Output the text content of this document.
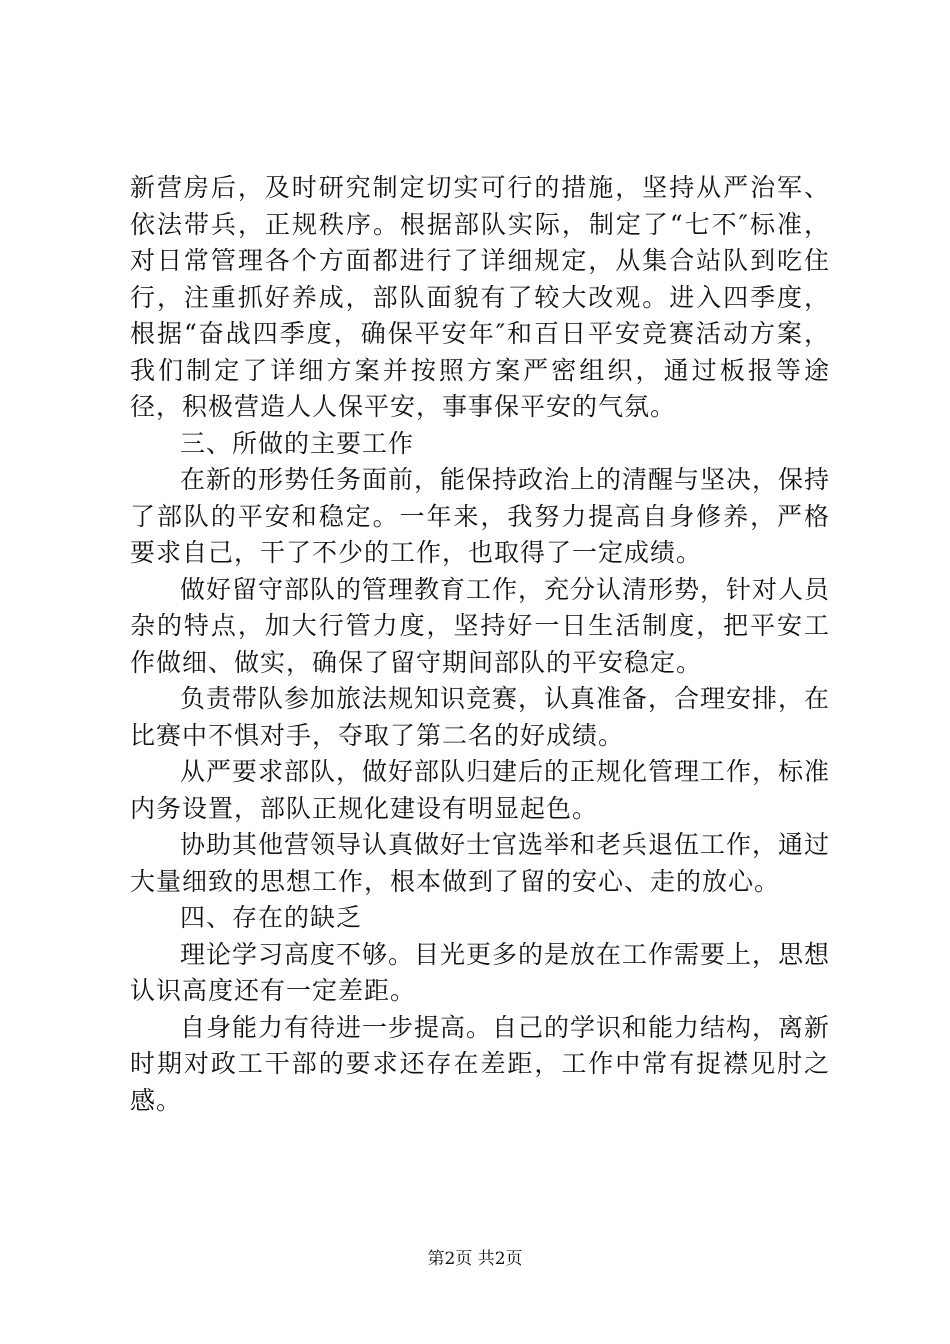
新营房后，及时研究制定切实可行的措施，坚持从严治军、依法带兵，正规秩序。根据部队实际，制定了“七不″标准，对日常管理各个方面都进行了详细规定，从集合站队到吃住行，注重抓好养成，部队面貌有了较大改观。进入四季度，根据“奋战四季度，确保平安年″和百日平安竞赛活动方案，我们制定了详细方案并按照方案严密组织，通过板报等途径，积极营造人人保平安，事事保平安的气氛。

三、所做的主要工作

在新的形势任务面前，能保持政治上的清醒与坚决，保持了部队的平安和稳定。一年来，我努力提高自身修养，严格要求自己，干了不少的工作，也取得了一定成绩。

做好留守部队的管理教育工作，充分认清形势，针对人员杂的特点，加大行管力度，坚持好一日生活制度，把平安工作做细、做实，确保了留守期间部队的平安稳定。

负责带队参加旅法规知识竞赛，认真准备，合理安排，在比赛中不惧对手，夺取了第二名的好成绩。

从严要求部队，做好部队归建后的正规化管理工作，标准内务设置，部队正规化建设有明显起色。

协助其他营领导认真做好士官选举和老兵退伍工作，通过大量细致的思想工作，根本做到了留的安心、走的放心。

四、存在的缺乏

理论学习高度不够。目光更多的是放在工作需要上，思想认识高度还有一定差距。

自身能力有待进一步提高。自己的学识和能力结构，离新时期对政工干部的要求还存在差距，工作中常有捉襟见肘之感。

第2页 共2页
